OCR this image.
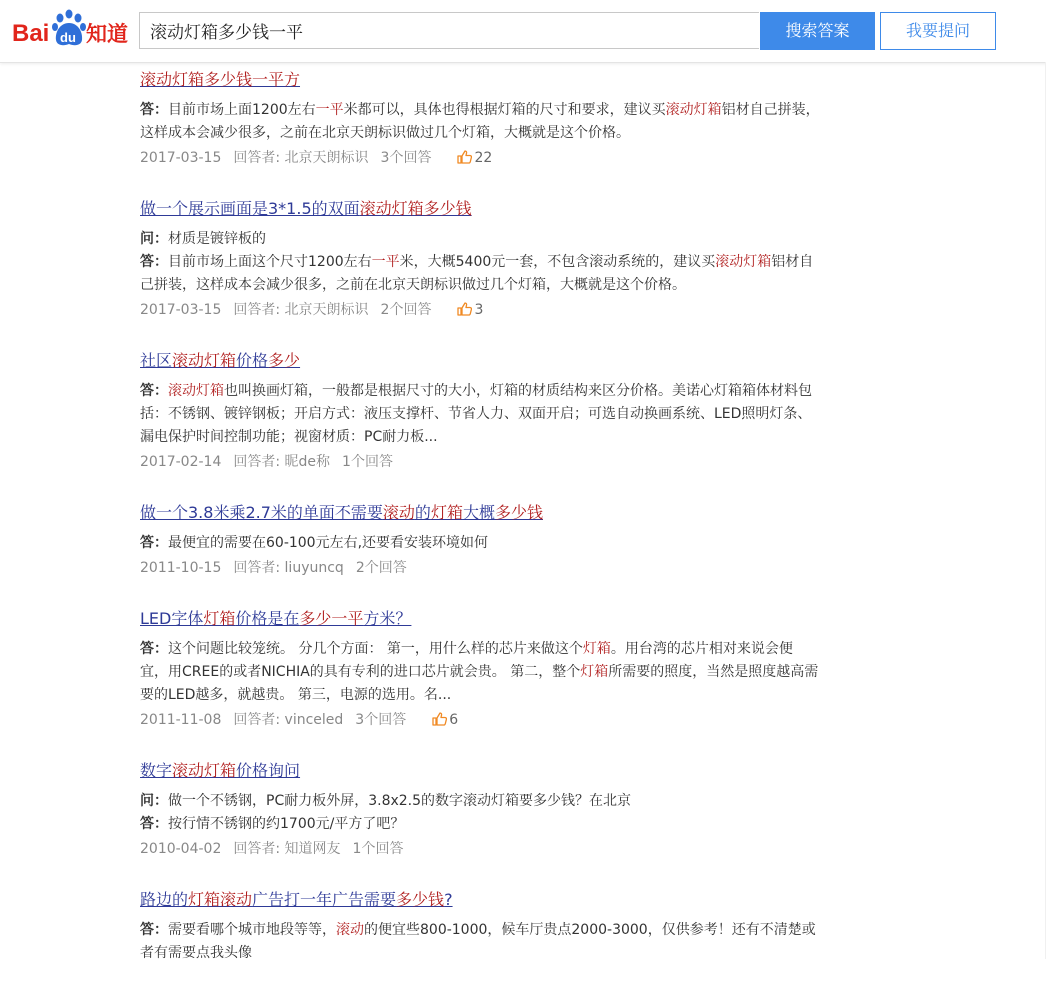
Bai du 知道
滚动灯箱多少钱一平	搜索答案	我要提问
滚动灯箱多少钱一平方
答：目前市场上面1200左右一平米都可以，具体也得根据灯箱的尺寸和要求，建议买滚动灯箱铝材自己拼装，这样成本会减少很多，之前在北京天朗标识做过几个灯箱，大概就是这个价格。
2017-03-15 回答者: 北京天朗标识 3个回答	22
做一个展示画面是3*1.5的双面滚动灯箱多少钱
问：材质是镀锌板的
答：目前市场上面这个尺寸1200左右一平米，大概5400元一套，不包含滚动系统的，建议买滚动灯箱铝材自己拼装，这样成本会减少很多，之前在北京天朗标识做过几个灯箱，大概就是这个价格。
2017-03-15 回答者: 北京天朗标识 2个回答	3
社区滚动灯箱价格多少
答：滚动灯箱也叫换画灯箱，一般都是根据尺寸的大小，灯箱的材质结构来区分价格。美诺心灯箱箱体材料包括：不锈钢、镀锌钢板；开启方式：液压支撑杆、节省人力、双面开启；可选自动换画系统、LED照明灯条、漏电保护时间控制功能；视窗材质：PC耐力板...
2017-02-14 回答者: 昵de称 1个回答
做一个3.8米乘2.7米的单面不需要滚动的灯箱大概多少钱
答：最便宜的需要在60-100元左右,还要看安装环境如何
2011-10-15 回答者: liuyuncq 2个回答
LED字体灯箱价格是在多少一平方米？
答：这个问题比较笼统。 分几个方面： 第一，用什么样的芯片来做这个灯箱。用台湾的芯片相对来说会便宜，用CREE的或者NICHIA的具有专利的进口芯片就会贵。 第二，整个灯箱所需要的照度，当然是照度越高需要的LED越多，就越贵。 第三，电源的选用。名...
2011-11-08 回答者: vinceled 3个回答	6
数字滚动灯箱价格询问
问：做一个不锈钢，PC耐力板外屏，3.8x2.5的数字滚动灯箱要多少钱？在北京
答：按行情不锈钢的约1700元/平方了吧？
2010-04-02 回答者: 知道网友 1个回答
路边的灯箱滚动广告打一年广告需要多少钱?
答：需要看哪个城市地段等等，滚动的便宜些800-1000，候车厅贵点2000-3000，仅供参考！还有不清楚或者有需要点我头像
